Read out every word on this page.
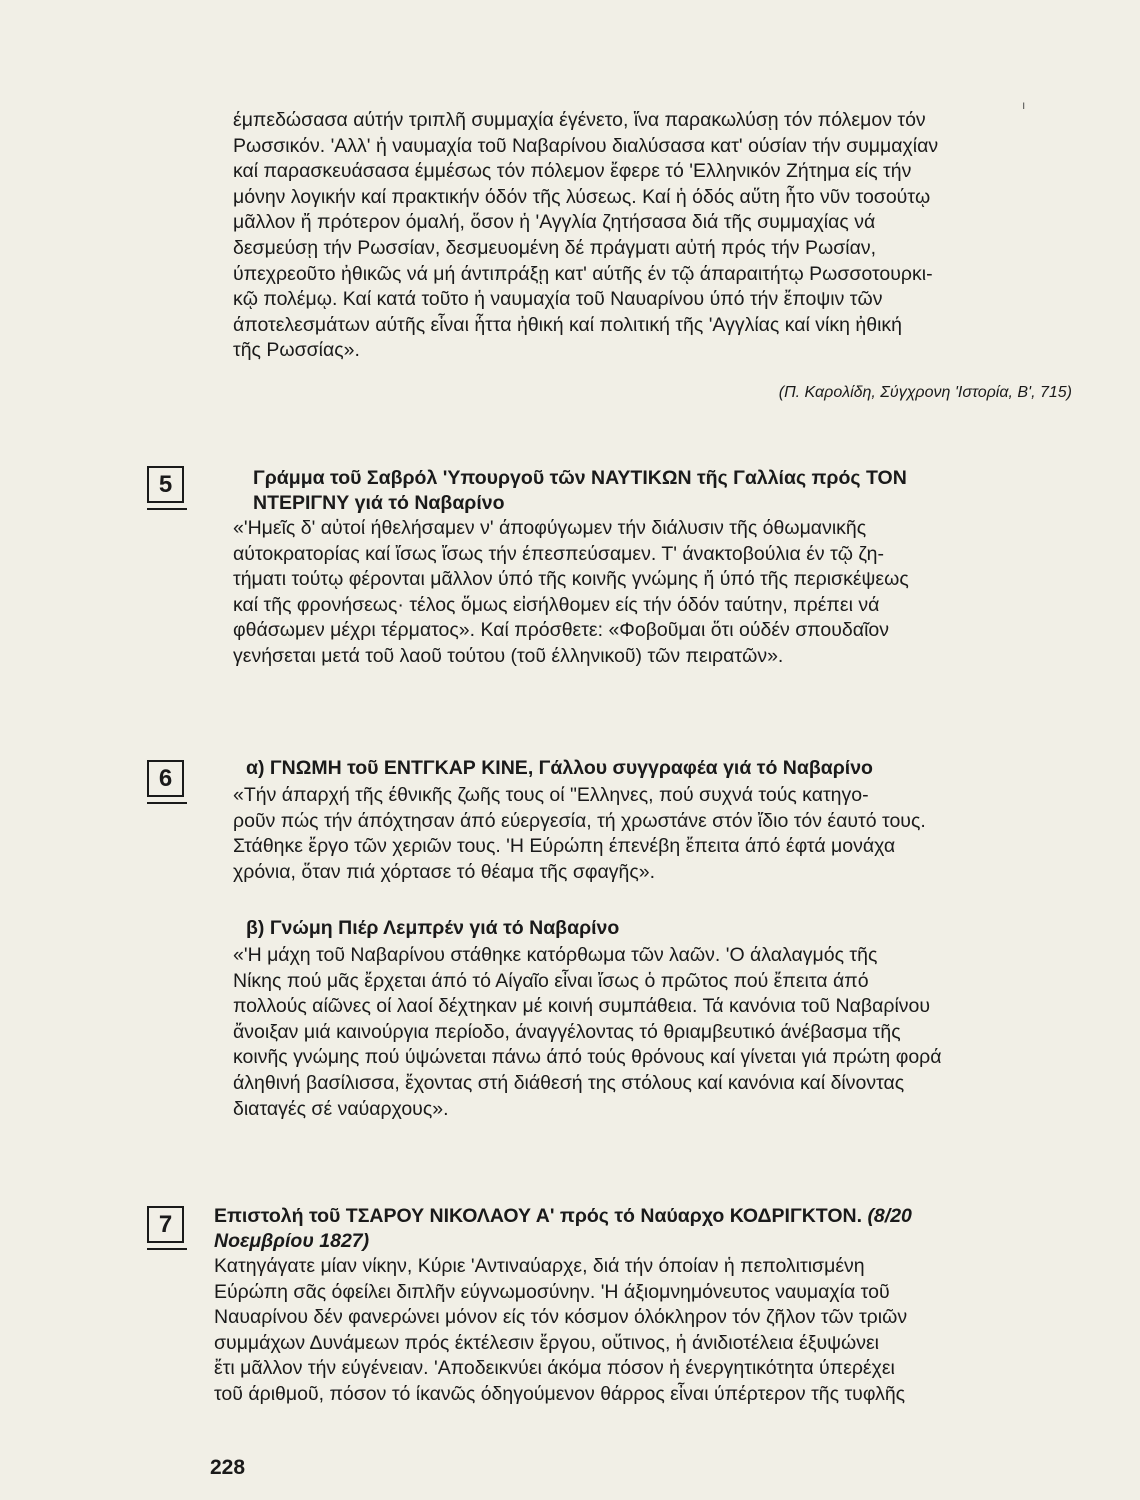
ı
έμπεδώσασα αύτήν τριπλῆ συμμαχία έγένετο, ἵνα παρακωλύσῃ τόν πόλεμον τόν
Ρωσσικόν. 'Αλλ' ἡ ναυμαχία τοῦ Ναβαρίνου διαλύσασα κατ' ούσίαν τήν συμμαχίαν
καί παρασκευάσασα έμμέσως τόν πόλεμον ἔφερε τό 'Ελληνικόν Ζήτημα είς τήν
μόνην λογικήν καί πρακτικήν όδόν τῆς λύσεως. Καί ἡ όδός αὕτη ἦτο νῦν τοσούτῳ
μᾶλλον ἤ πρότερον όμαλή, ὅσον ἡ 'Αγγλία ζητήσασα διά τῆς συμμαχίας νά
δεσμεύσῃ τήν Ρωσσίαν, δεσμευομένη δέ πράγματι αὐτή πρός τήν Ρωσίαν,
ύπεχρεοῦτο ἠθικῶς νά μή άντιπράξῃ κατ' αύτῆς έν τῷ άπαραιτήτῳ Ρωσσοτουρκι-
κῷ πολέμῳ. Καί κατά τοῦτο ἡ ναυμαχία τοῦ Ναυαρίνου ύπό τήν ἔποψιν τῶν
άποτελεσμάτων αύτῆς εἶναι ἧττα ἠθική καί πολιτική τῆς 'Αγγλίας καί νίκη ἠθική
τῆς Ρωσσίας».
(Π. Καρολίδη, Σύγχρονη 'Ιστορία, Β', 715)
5	Γράμμα τοῦ Σαβρόλ 'Υπουργοῦ τῶν ΝΑΥΤΙΚΩΝ τῆς Γαλλίας πρός ΤΟΝ
ΝΤΕΡΙΓΝΥ γιά τό Ναβαρίνο
«'Ημεῖς δ' αὐτοί ήθελήσαμεν ν' άποφύγωμεν τήν διάλυσιν τῆς όθωμανικῆς
αύτοκρατορίας καί ἴσως ἴσως τήν έπεσπεύσαμεν. Τ' άνακτοβούλια έν τῷ ζη-
τήματι τούτῳ φέρονται μᾶλλον ύπό τῆς κοινῆς γνώμης ἤ ύπό τῆς περισκέψεως
καί τῆς φρονήσεως· τέλος ὅμως εἰσήλθομεν είς τήν όδόν ταύτην, πρέπει νά
φθάσωμεν μέχρι τέρματος». Καί πρόσθετε: «Φοβοῦμαι ὅτι ούδέν σπουδαῖον
γενήσεται μετά τοῦ λαοῦ τούτου (τοῦ έλληνικοῦ) τῶν πειρατῶν».
6	α) ΓΝΩΜΗ τοῦ ΕΝΤΓΚΑΡ ΚΙΝΕ, Γάλλου συγγραφέα γιά τό Ναβαρίνο
«Τήν άπαρχή τῆς έθνικῆς ζωῆς τους οί "Ελληνες, πού συχνά τούς κατηγο-
ροῦν πώς τήν άπόχτησαν άπό εύεργεσία, τή χρωστάνε στόν ἴδιο τόν έαυτό τους.
Στάθηκε ἔργο τῶν χεριῶν τους. 'Η Εύρώπη έπενέβη ἔπειτα άπό έφτά μονάχα
χρόνια, ὅταν πιά χόρτασε τό θέαμα τῆς σφαγῆς».
β) Γνώμη Πιέρ Λεμπρέν γιά τό Ναβαρίνο
«'Η μάχη τοῦ Ναβαρίνου στάθηκε κατόρθωμα τῶν λαῶν. 'Ο άλαλαγμός τῆς
Νίκης πού μᾶς ἔρχεται άπό τό Αίγαῖο εἶναι ἴσως ὁ πρῶτος πού ἔπειτα άπό
πολλούς αίῶνες οί λαοί δέχτηκαν μέ κοινή συμπάθεια. Τά κανόνια τοῦ Ναβαρίνου
ἄνοιξαν μιά καινούργια περίοδο, άναγγέλοντας τό θριαμβευτικό άνέβασμα τῆς
κοινῆς γνώμης πού ύψώνεται πάνω άπό τούς θρόνους καί γίνεται γιά πρώτη φορά
άληθινή βασίλισσα, ἔχοντας στή διάθεσή της στόλους καί κανόνια καί δίνοντας
διαταγές σέ ναύαρχους».
7	Επιστολή τοῦ ΤΣΑΡΟΥ ΝΙΚΟΛΑΟΥ Α' πρός τό Ναύαρχο ΚΟΔΡΙΓΚΤΟΝ. (8/20
Νοεμβρίου 1827)
Κατηγάγατε μίαν νίκην, Κύριε 'Αντιναύαρχε, διά τήν όποίαν ἡ πεπολιτισμένη
Εύρώπη σᾶς όφείλει διπλῆν εύγνωμοσύνην. 'Η άξιομνημόνευτος ναυμαχία τοῦ
Ναυαρίνου δέν φανερώνει μόνον είς τόν κόσμον όλόκληρον τόν ζῆλον τῶν τριῶν
συμμάχων Δυνάμεων πρός έκτέλεσιν ἔργου, οὕτινος, ἡ άνιδιοτέλεια έξυψώνει
ἔτι μᾶλλον τήν εύγένειαν. 'Αποδεικνύει άκόμα πόσον ἡ ένεργητικότητα ύπερέχει
τοῦ άριθμοῦ, πόσον τό ίκανῶς όδηγούμενον θάρρος εἶναι ύπέρτερον τῆς τυφλῆς
228
